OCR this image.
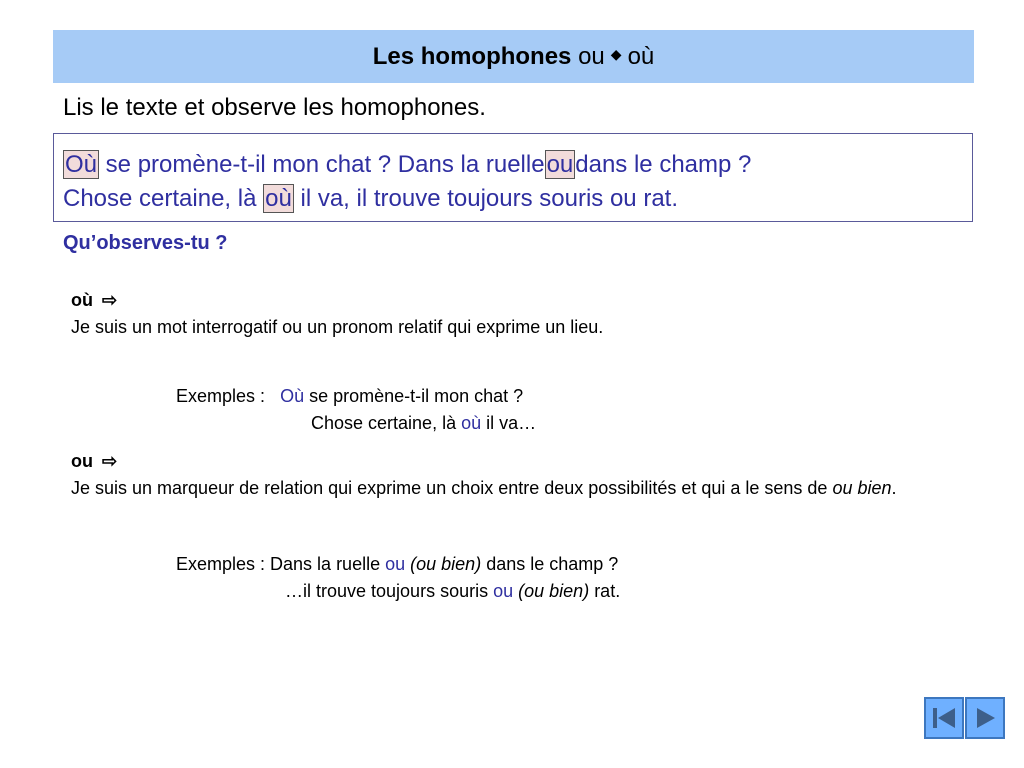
Les homophones
ou ◆ où
Lis le texte et observe les homophones.
Où se promène-t-il mon chat ? Dans la ruelleoudans le champ ?
Chose certaine, là où il va, il trouve toujours souris ou rat.
Qu’observes-tu ?
où ⇨
Je suis un mot interrogatif ou un pronom relatif qui exprime un lieu.
Exemples : Où se promène-t-il mon chat ?
Chose certaine, là où il va…
ou ⇨
Je suis un marqueur de relation qui exprime un choix entre deux possibilités et qui a le sens de ou bien.
Exemples : Dans la ruelle ou (ou bien) dans le champ ?
…il trouve toujours souris ou (ou bien) rat.
